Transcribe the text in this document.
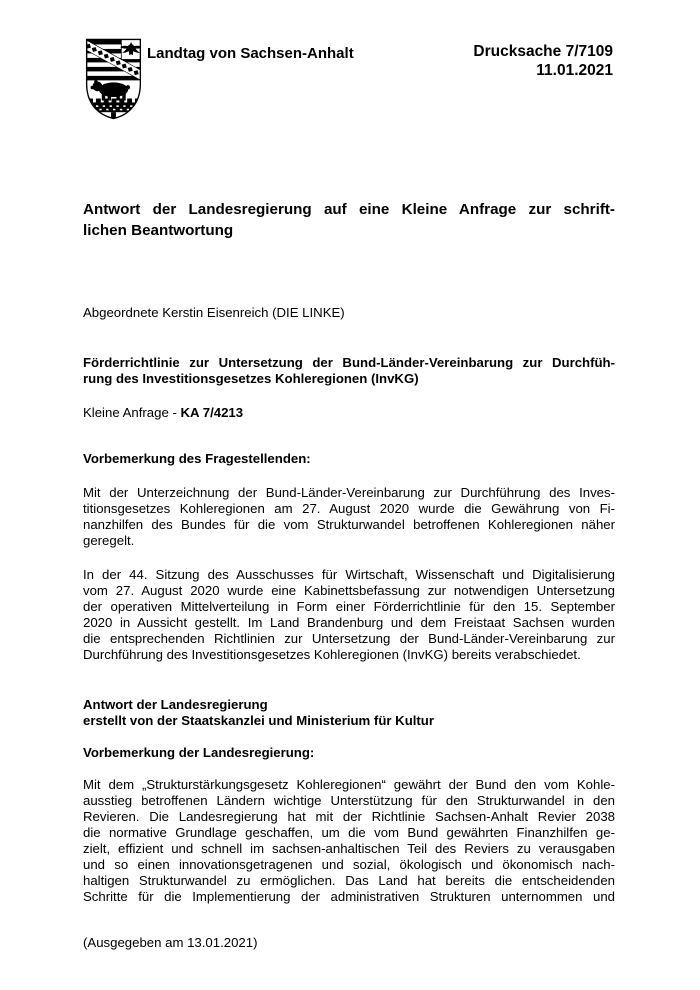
Landtag von Sachsen-Anhalt	Drucksache 7/7109
11.01.2021
Antwort der Landesregierung auf eine Kleine Anfrage zur schrift-
lichen Beantwortung
Abgeordnete Kerstin Eisenreich (DIE LINKE)
Förderrichtlinie zur Untersetzung der Bund-Länder-Vereinbarung zur Durchfüh-
rung des Investitionsgesetzes Kohleregionen (InvKG)
Kleine Anfrage - KA 7/4213
Vorbemerkung des Fragestellenden:
Mit der Unterzeichnung der Bund-Länder-Vereinbarung zur Durchführung des Inves-
titionsgesetzes Kohleregionen am 27. August 2020 wurde die Gewährung von Fi-
nanzhilfen des Bundes für die vom Strukturwandel betroffenen Kohleregionen näher
geregelt.
In der 44. Sitzung des Ausschusses für Wirtschaft, Wissenschaft und Digitalisierung
vom 27. August 2020 wurde eine Kabinettsbefassung zur notwendigen Untersetzung
der operativen Mittelverteilung in Form einer Förderrichtlinie für den 15. September
2020 in Aussicht gestellt. Im Land Brandenburg und dem Freistaat Sachsen wurden
die entsprechenden Richtlinien zur Untersetzung der Bund-Länder-Vereinbarung zur
Durchführung des Investitionsgesetzes Kohleregionen (InvKG) bereits verabschiedet.
Antwort der Landesregierung
erstellt von der Staatskanzlei und Ministerium für Kultur
Vorbemerkung der Landesregierung:
Mit dem „Strukturstärkungsgesetz Kohleregionen“ gewährt der Bund den vom Kohle-
ausstieg betroffenen Ländern wichtige Unterstützung für den Strukturwandel in den
Revieren. Die Landesregierung hat mit der Richtlinie Sachsen-Anhalt Revier 2038
die normative Grundlage geschaffen, um die vom Bund gewährten Finanzhilfen ge-
zielt, effizient und schnell im sachsen-anhaltischen Teil des Reviers zu verausgaben
und so einen innovationsgetragenen und sozial, ökologisch und ökonomisch nach-
haltigen Strukturwandel zu ermöglichen. Das Land hat bereits die entscheidenden
Schritte für die Implementierung der administrativen Strukturen unternommen und
(Ausgegeben am 13.01.2021)
